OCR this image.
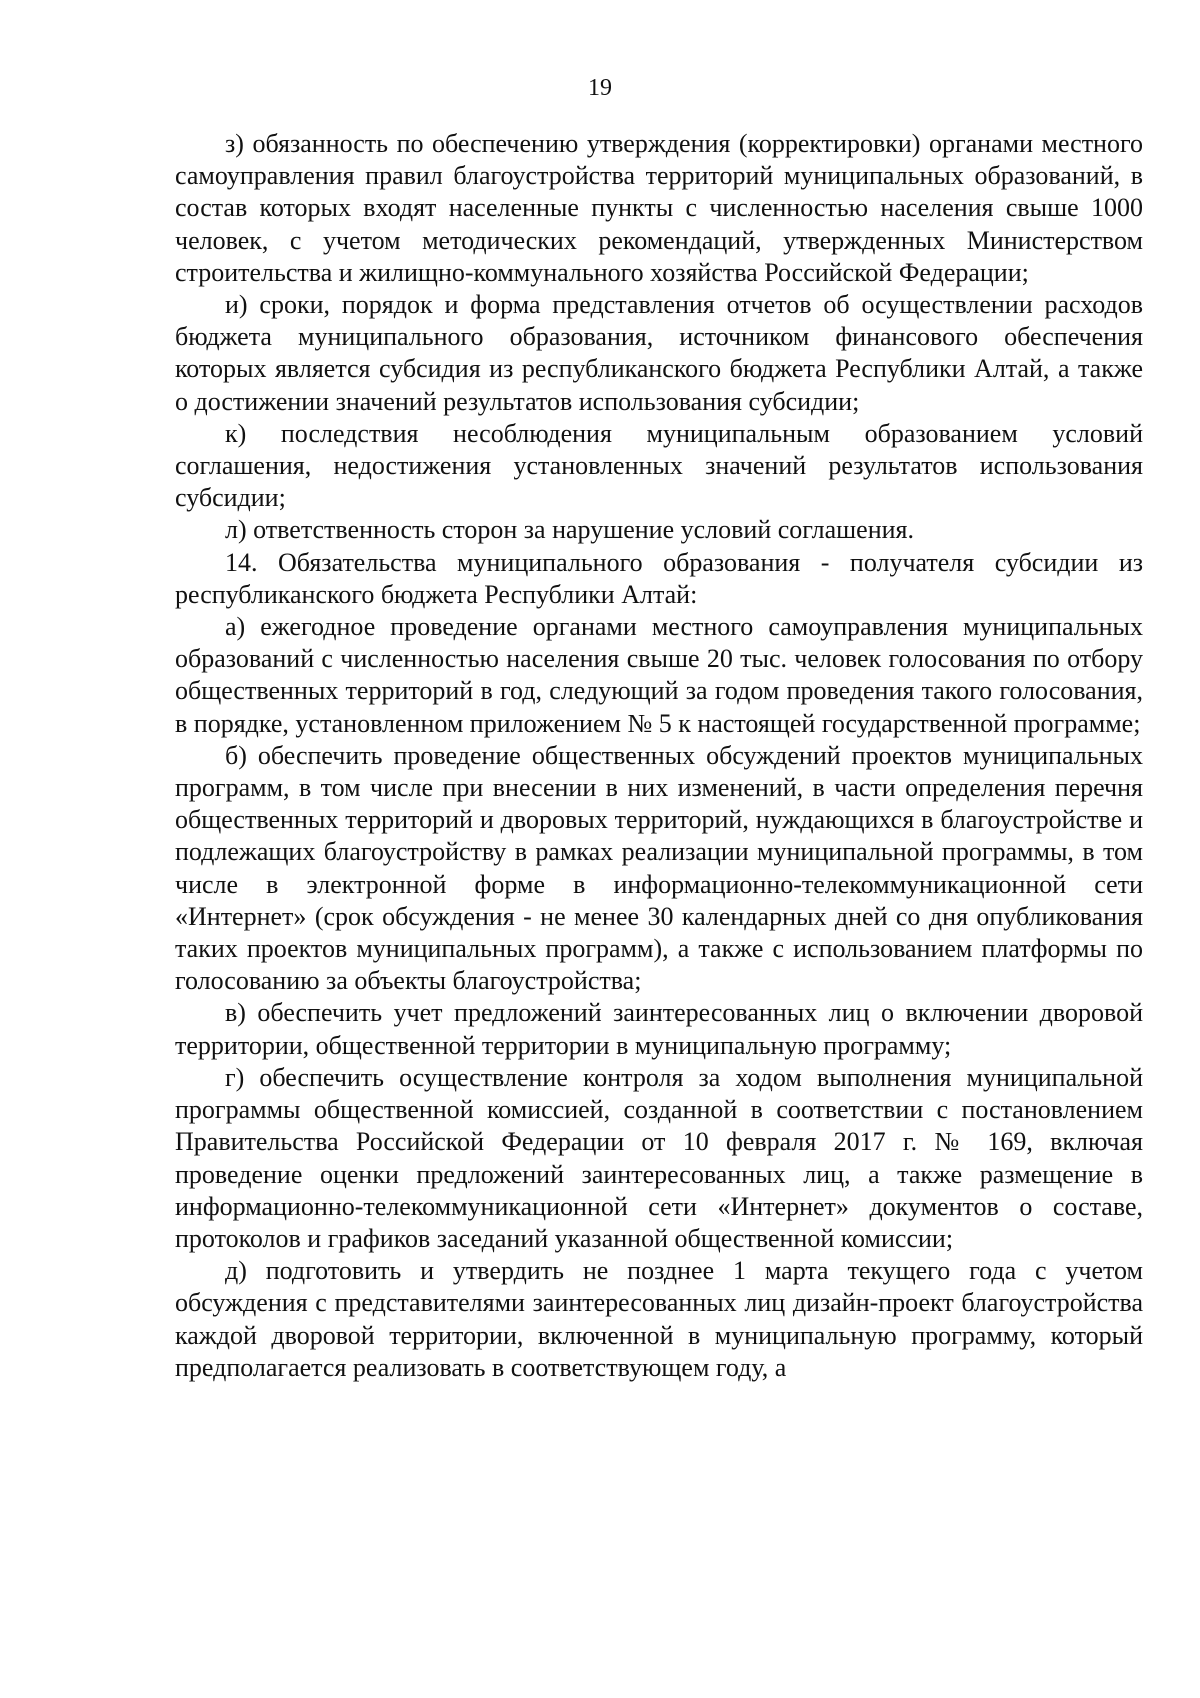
19

з) обязанность по обеспечению утверждения (корректировки) органами местного самоуправления правил благоустройства территорий муниципальных образований, в состав которых входят населенные пункты с численностью населения свыше 1000 человек, с учетом методических рекомендаций, утвержденных Министерством строительства и жилищно-коммунального хозяйства Российской Федерации;

и) сроки, порядок и форма представления отчетов об осуществлении расходов бюджета муниципального образования, источником финансового обеспечения которых является субсидия из республиканского бюджета Республики Алтай, а также о достижении значений результатов использования субсидии;

к) последствия несоблюдения муниципальным образованием условий соглашения, недостижения установленных значений результатов использования субсидии;

л) ответственность сторон за нарушение условий соглашения.

14. Обязательства муниципального образования - получателя субсидии из республиканского бюджета Республики Алтай:

а) ежегодное проведение органами местного самоуправления муниципальных образований с численностью населения свыше 20 тыс. человек голосования по отбору общественных территорий в год, следующий за годом проведения такого голосования, в порядке, установленном приложением № 5 к настоящей государственной программе;

б) обеспечить проведение общественных обсуждений проектов муниципальных программ, в том числе при внесении в них изменений, в части определения перечня общественных территорий и дворовых территорий, нуждающихся в благоустройстве и подлежащих благоустройству в рамках реализации муниципальной программы, в том числе в электронной форме в информационно-телекоммуникационной сети «Интернет» (срок обсуждения - не менее 30 календарных дней со дня опубликования таких проектов муниципальных программ), а также с использованием платформы по голосованию за объекты благоустройства;

в) обеспечить учет предложений заинтересованных лиц о включении дворовой территории, общественной территории в муниципальную программу;

г) обеспечить осуществление контроля за ходом выполнения муниципальной программы общественной комиссией, созданной в соответствии с постановлением Правительства Российской Федерации от 10 февраля 2017 г. № 169, включая проведение оценки предложений заинтересованных лиц, а также размещение в информационно-телекоммуникационной сети «Интернет» документов о составе, протоколов и графиков заседаний указанной общественной комиссии;

д) подготовить и утвердить не позднее 1 марта текущего года с учетом обсуждения с представителями заинтересованных лиц дизайн-проект благоустройства каждой дворовой территории, включенной в муниципальную программу, который предполагается реализовать в соответствующем году, а
